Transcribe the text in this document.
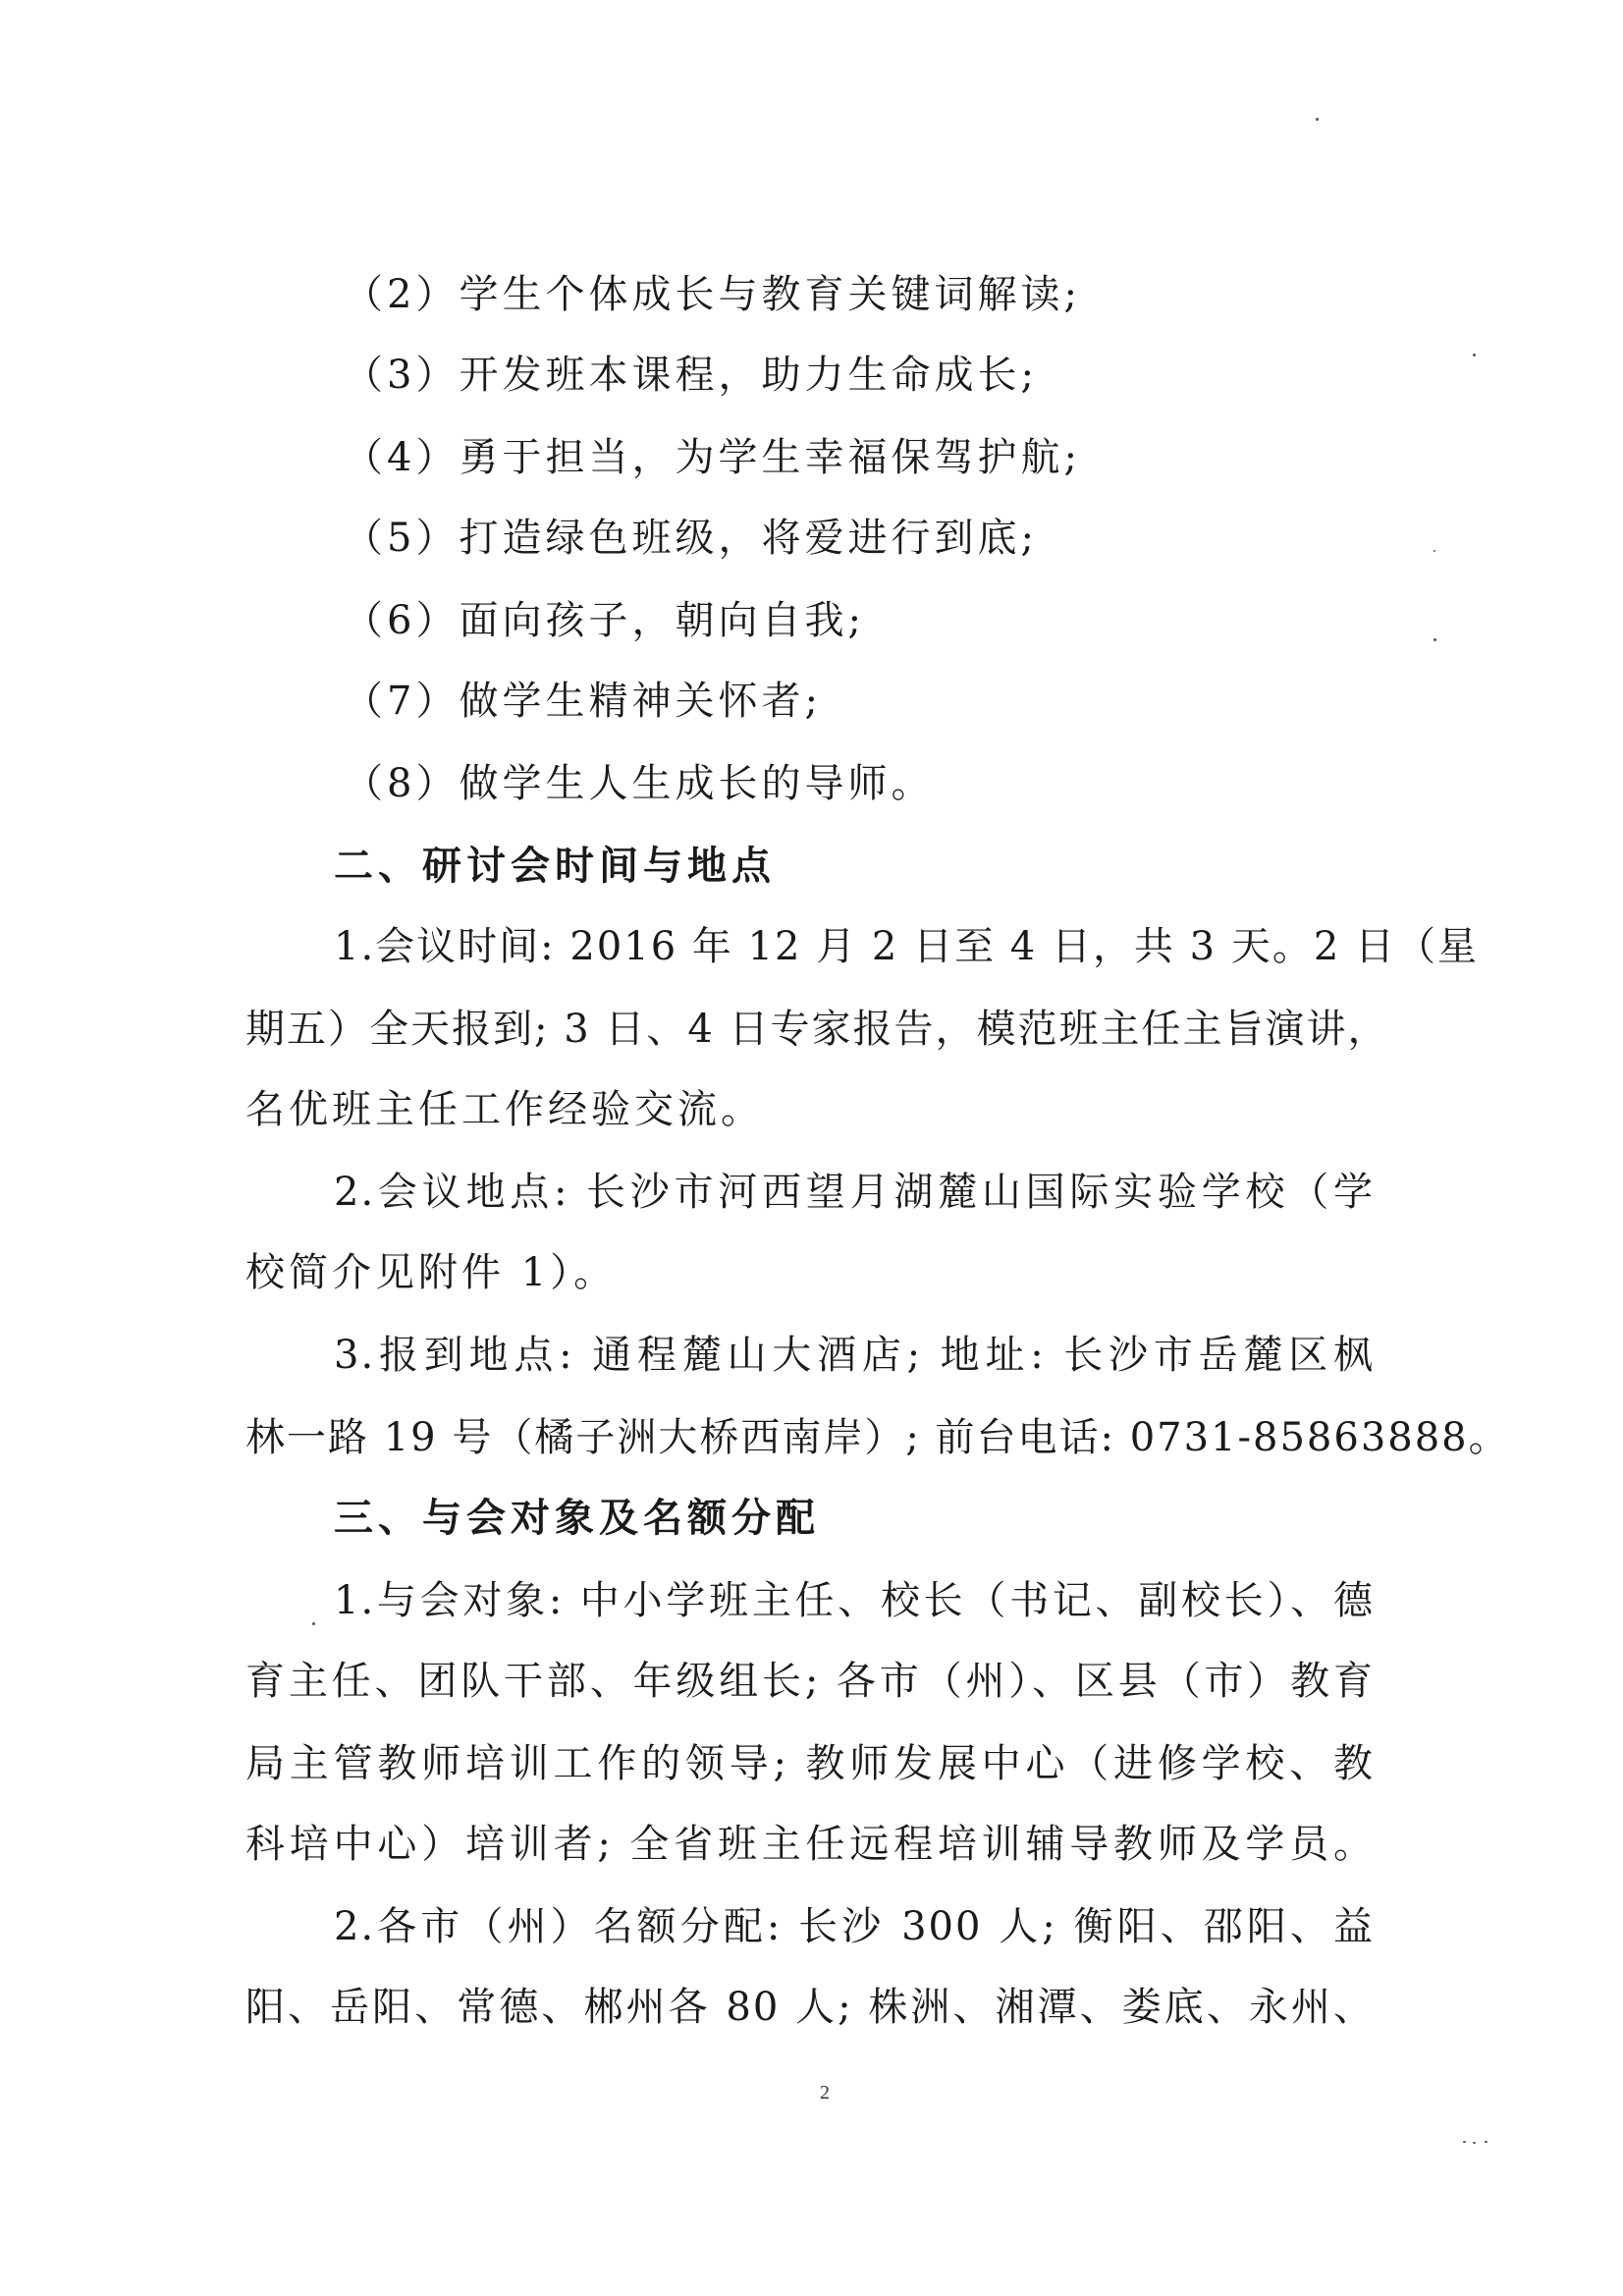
（2）学生个体成长与教育关键词解读;
（3）开发班本课程，助力生命成长;
（4）勇于担当，为学生幸福保驾护航;
（5）打造绿色班级，将爱进行到底;
（6）面向孩子，朝向自我;
（7）做学生精神关怀者;
（8）做学生人生成长的导师。
二、研讨会时间与地点
1.会议时间: 2016 年 12 月 2 日至 4 日，共 3 天。2 日（星
期五）全天报到; 3 日、4 日专家报告，模范班主任主旨演讲，
名优班主任工作经验交流。
2.会议地点: 长沙市河西望月湖麓山国际实验学校（学
校简介见附件 1）。
3.报到地点: 通程麓山大酒店; 地址: 长沙市岳麓区枫
林一路 19 号（橘子洲大桥西南岸）; 前台电话: 0731-85863888。
三、与会对象及名额分配
1.与会对象: 中小学班主任、校长（书记、副校长）、德
育主任、团队干部、年级组长; 各市（州）、区县（市）教育
局主管教师培训工作的领导; 教师发展中心（进修学校、教
科培中心）培训者; 全省班主任远程培训辅导教师及学员。
2.各市（州）名额分配: 长沙 300 人; 衡阳、邵阳、益
阳、岳阳、常德、郴州各 80 人; 株洲、湘潭、娄底、永州、
2
